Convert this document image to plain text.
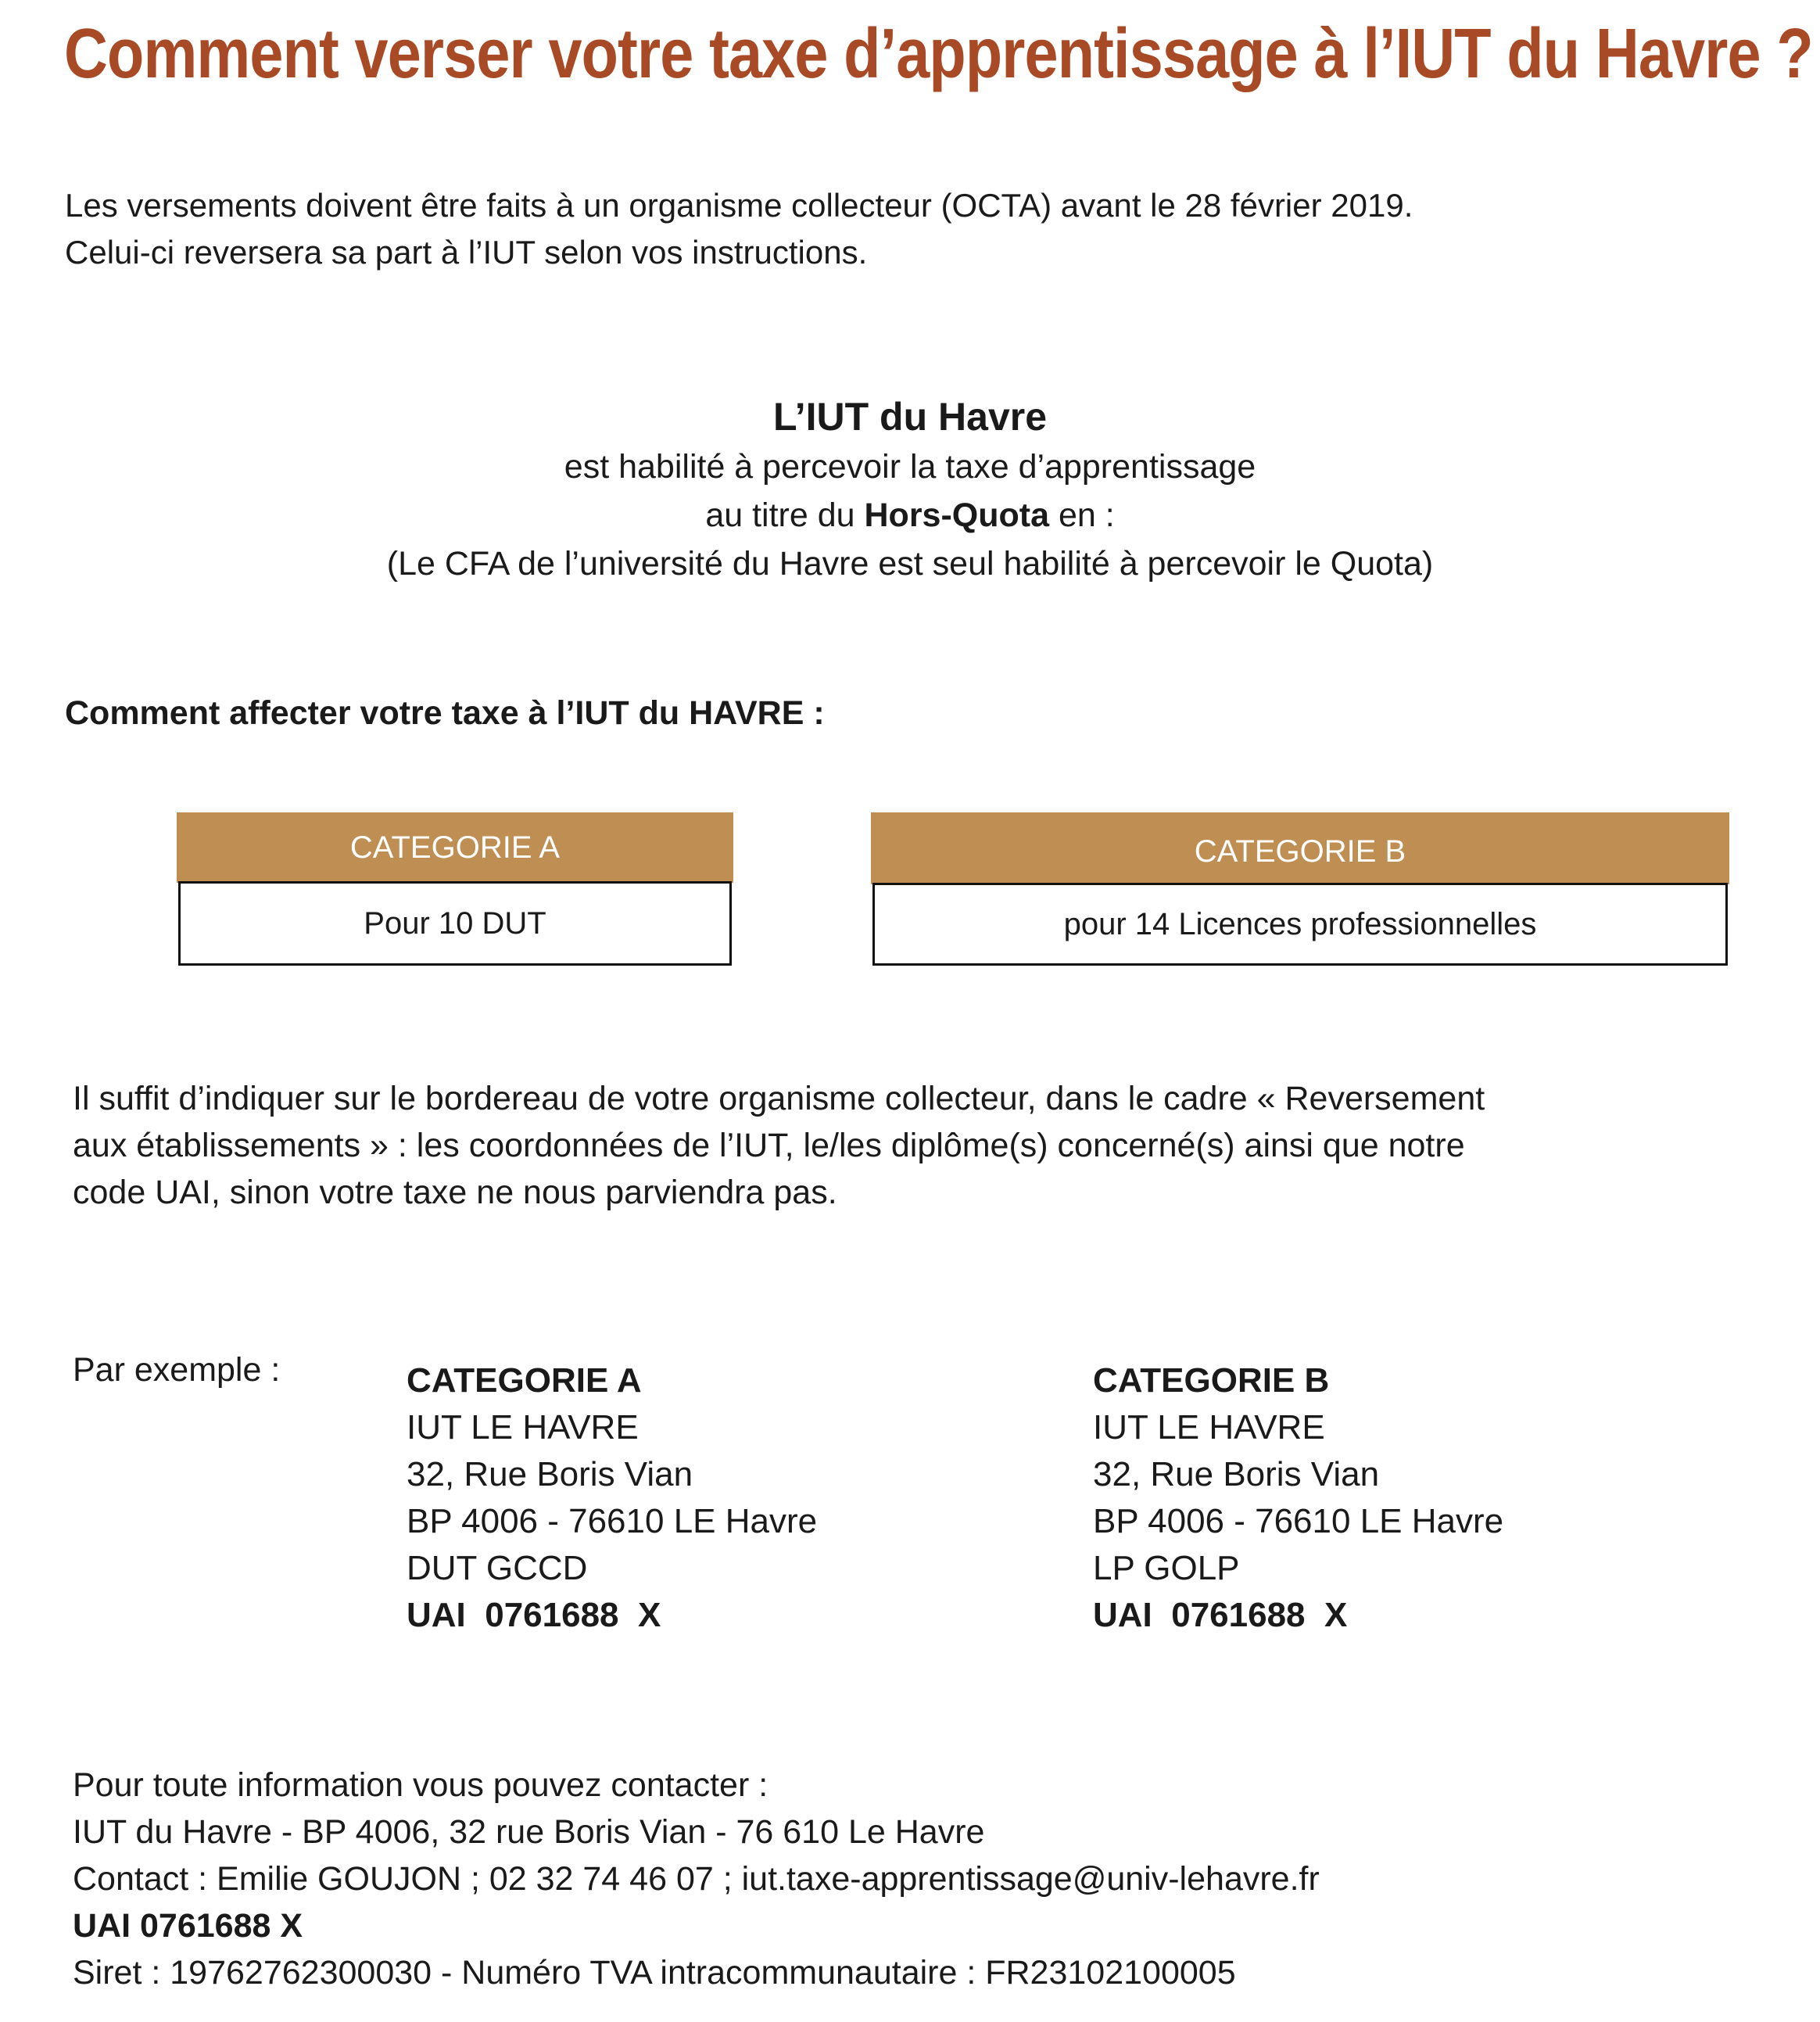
Comment verser votre taxe d’apprentissage à l’IUT du Havre ?

Les versements doivent être faits à un organisme collecteur (OCTA) avant le 28 février 2019.

Celui-ci reversera sa part à l’IUT selon vos instructions.

L’IUT du Havre

est habilité à percevoir la taxe d’apprentissage

au titre du Hors-Quota en :

(Le CFA de l’université du Havre est seul habilité à percevoir le Quota)

Comment affecter votre taxe à l’IUT du HAVRE :
CATEGORIE A
Pour 10 DUT
CATEGORIE B
pour 14 Licences professionnelles

Il suffit d’indiquer sur le bordereau de votre organisme collecteur, dans le cadre « Reversement

aux établissements » : les coordonnées de l’IUT, le/les diplôme(s) concerné(s) ainsi que notre

code UAI, sinon votre taxe ne nous parviendra pas.

Par exemple :	CATEGORIE A

IUT LE HAVRE

32, Rue Boris Vian

BP 4006 - 76610 LE Havre

DUT GCCD

UAI  0761688  X

CATEGORIE B

IUT LE HAVRE

32, Rue Boris Vian

BP 4006 - 76610 LE Havre

LP GOLP

UAI  0761688  X

Pour toute information vous pouvez contacter :

IUT du Havre - BP 4006, 32 rue Boris Vian - 76 610 Le Havre

Contact : Emilie GOUJON ; 02 32 74 46 07 ; iut.taxe-apprentissage@univ-lehavre.fr

UAI 0761688 X

Siret : 19762762300030 - Numéro TVA intracommunautaire : FR23102100005
